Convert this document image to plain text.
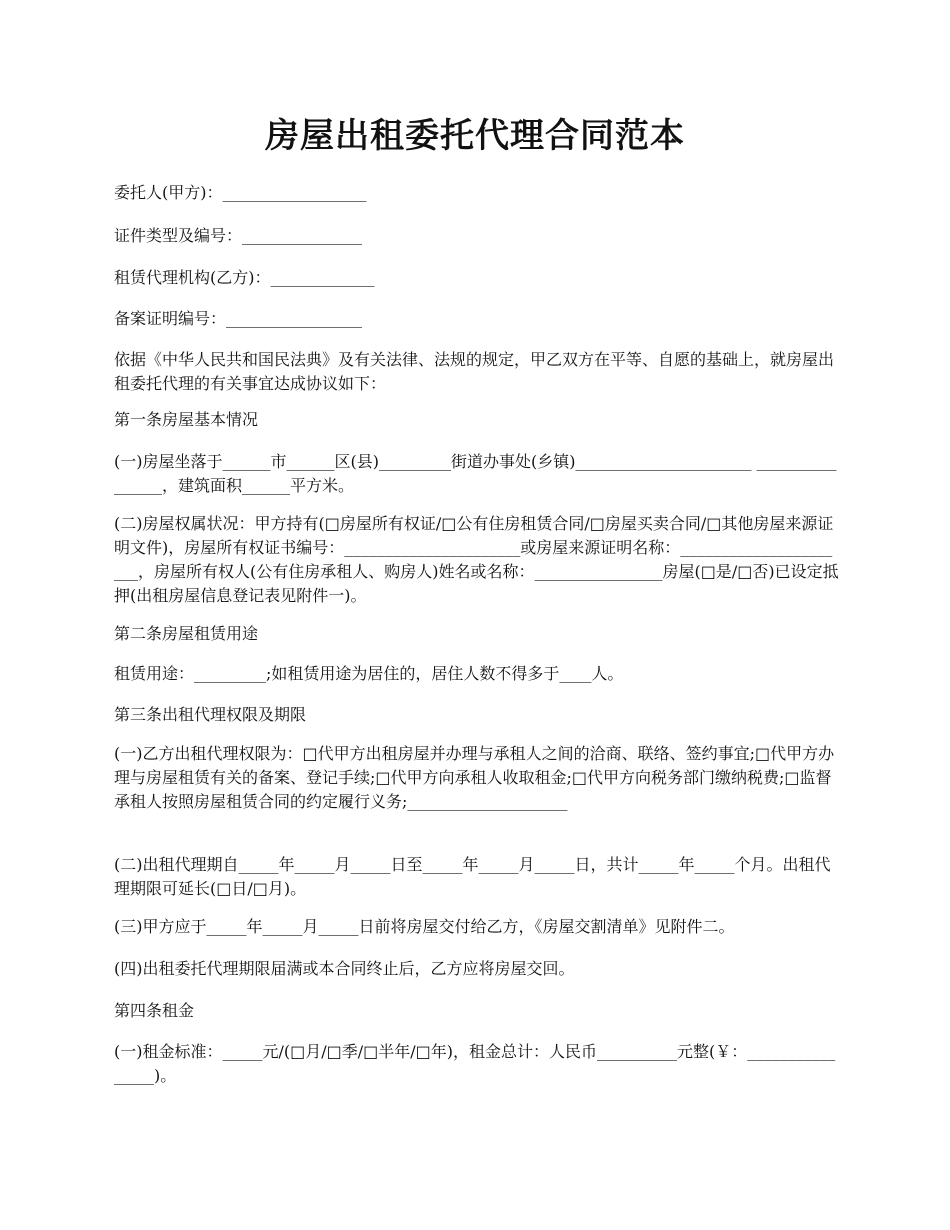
房屋出租委托代理合同范本

委托人(甲方)：__________________

证件类型及编号：_______________

租赁代理机构(乙方)：_____________

备案证明编号：_________________

依据《中华人民共和国民法典》及有关法律、法规的规定，甲乙双方在平等、自愿的基础上，就房屋出租委托代理的有关事宜达成协议如下：

第一条房屋基本情况

(一)房屋坐落于______市______区(县)_________街道办事处(乡镇)______________________ ________________，建筑面积______平方米。

(二)房屋权属状况：甲方持有(□房屋所有权证/□公有住房租赁合同/□房屋买卖合同/□其他房屋来源证明文件)，房屋所有权证书编号：______________________或房屋来源证明名称：______________________，房屋所有权人(公有住房承租人、购房人)姓名或名称：________________房屋(□是/□否)已设定抵押(出租房屋信息登记表见附件一)。

第二条房屋租赁用途

租赁用途：_________;如租赁用途为居住的，居住人数不得多于____人。

第三条出租代理权限及期限

(一)乙方出租代理权限为：□代甲方出租房屋并办理与承租人之间的洽商、联络、签约事宜;□代甲方办理与房屋租赁有关的备案、登记手续;□代甲方向承租人收取租金;□代甲方向税务部门缴纳税费;□监督承租人按照房屋租赁合同的约定履行义务;____________________

(二)出租代理期自_____年_____月_____日至_____年_____月_____日，共计_____年_____个月。出租代理期限可延长(□日/□月)。

(三)甲方应于_____年_____月_____日前将房屋交付给乙方，《房屋交割清单》见附件二。

(四)出租委托代理期限届满或本合同终止后，乙方应将房屋交回。

第四条租金

(一)租金标准：_____元/(□月/□季/□半年/□年)，租金总计：人民币__________元整(￥：________________)。
